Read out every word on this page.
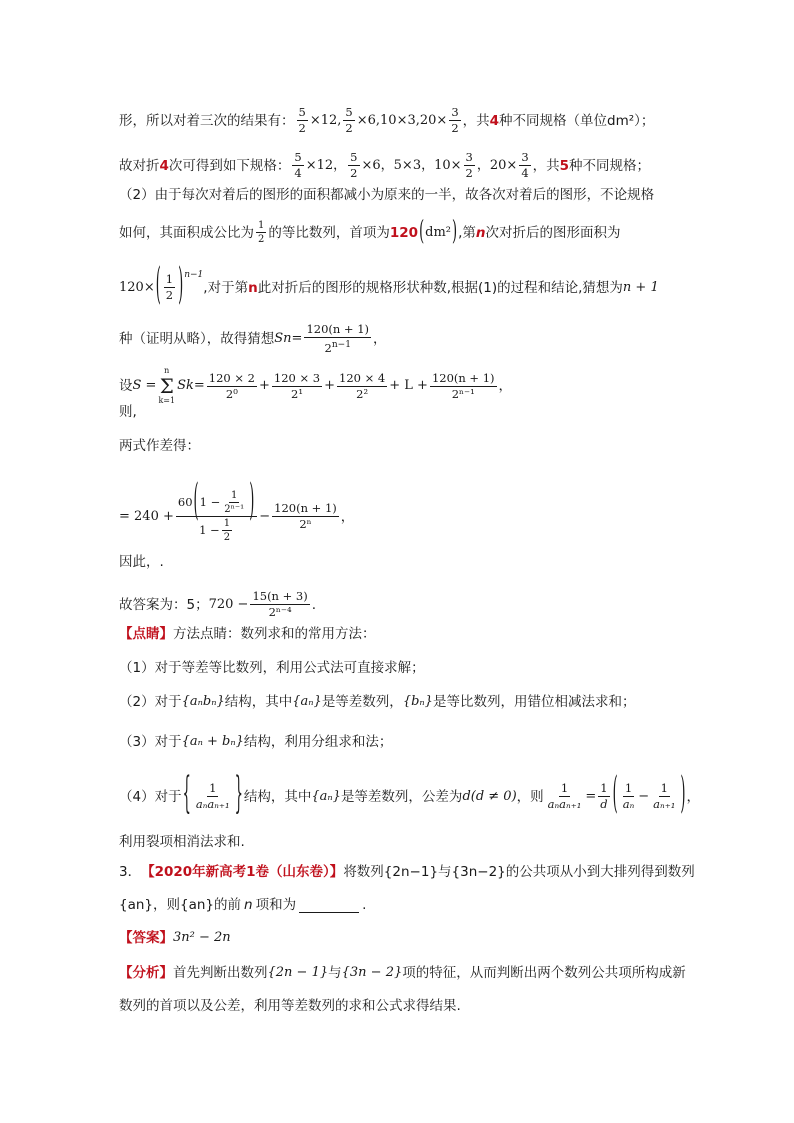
形，所以对着三次的结果有： $\frac{5}{2} \times 12$, $\frac{5}{2} \times 6,10\times 3,20\times \frac{3}{2}$ ，共 4 种不同规格（单位dm²）；
故对折 4 次可得到如下规格： $\frac{5}{4} \times 12$， $\frac{5}{2} \times 6$，5×3，$10\times \frac{3}{2}$ ，$20\times \frac{3}{4}$ ，共 5 种不同规格；
（2）由于每次对着后的图形的面积都减小为原来的一半，故各次对着后的图形，不论规格
如何，其面积成公比为 $\frac{1}{2}$ 的等比数列，首项为 120 ( dm² ) ,第 n 次对折后的图形面积为
120× ( $\frac{1}{2}$ ) n−1
,对于第 n 此对折后的图形的规格形状种数,根据(1)的过程和结论,猜想为 n + 1
种（证明从略），故得猜想 S $n = \frac{120(n + 1)}{2^{n-1}}$ ，
设 S =
n
Σ
k=1
S $k = \frac{120 \times 2}{\text{2⁰}} + \frac{120 \times 3}{\text{2¹}} + \frac{120 \times 4}{\text{2²}} + L + \frac{120(n + 1)}{\text{2ⁿ⁻¹}}$ ，
则,
两式作差得：
= $240 + \frac{60 ( 1 - \frac{1}{\text{2ⁿ⁻¹}} )}{1 - \frac{1}{2}} - \frac{120(n + 1)}{\text{2ⁿ}}$ ，
因此，.
故答案为：5； $720 - \frac{15(n + 3)}{\text{2ⁿ⁻⁴}}$ .
【点睛】 方法点睛：数列求和的常用方法：
（1）对于等差等比数列，利用公式法可直接求解；
（2）对于 {aₙbₙ} 结构，其中 {aₙ} 是等差数列， {bₙ} 是等比数列，用错位相减法求和；
（3）对于 {aₙ + bₙ} 结构，利用分组求和法；
（4）对于 { $\frac{1}{\text{aₙaₙ₊₁}}$ } 结构，其中 {aₙ} 是等差数列，公差为 d(d ≠ 0) ，则 $\frac{1}{\text{aₙaₙ₊₁}} = \frac{1}{d}$ ( $\frac{1}{\text{aₙ}} - \frac{1}{\text{aₙ₊₁}}$ ) ，
利用裂项相消法求和.
3． 【2020年新高考1卷（山东卷）】 将数列{2n−1}与{3n−2}的公共项从小到大排列得到数列
{an}，则{an}的前 n 项和为	.
【答案】 3n² − 2n
【分析】 首先判断出数列 {2n − 1} 与 {3n − 2} 项的特征，从而判断出两个数列公共项所构成新
数列的首项以及公差，利用等差数列的求和公式求得结果.
